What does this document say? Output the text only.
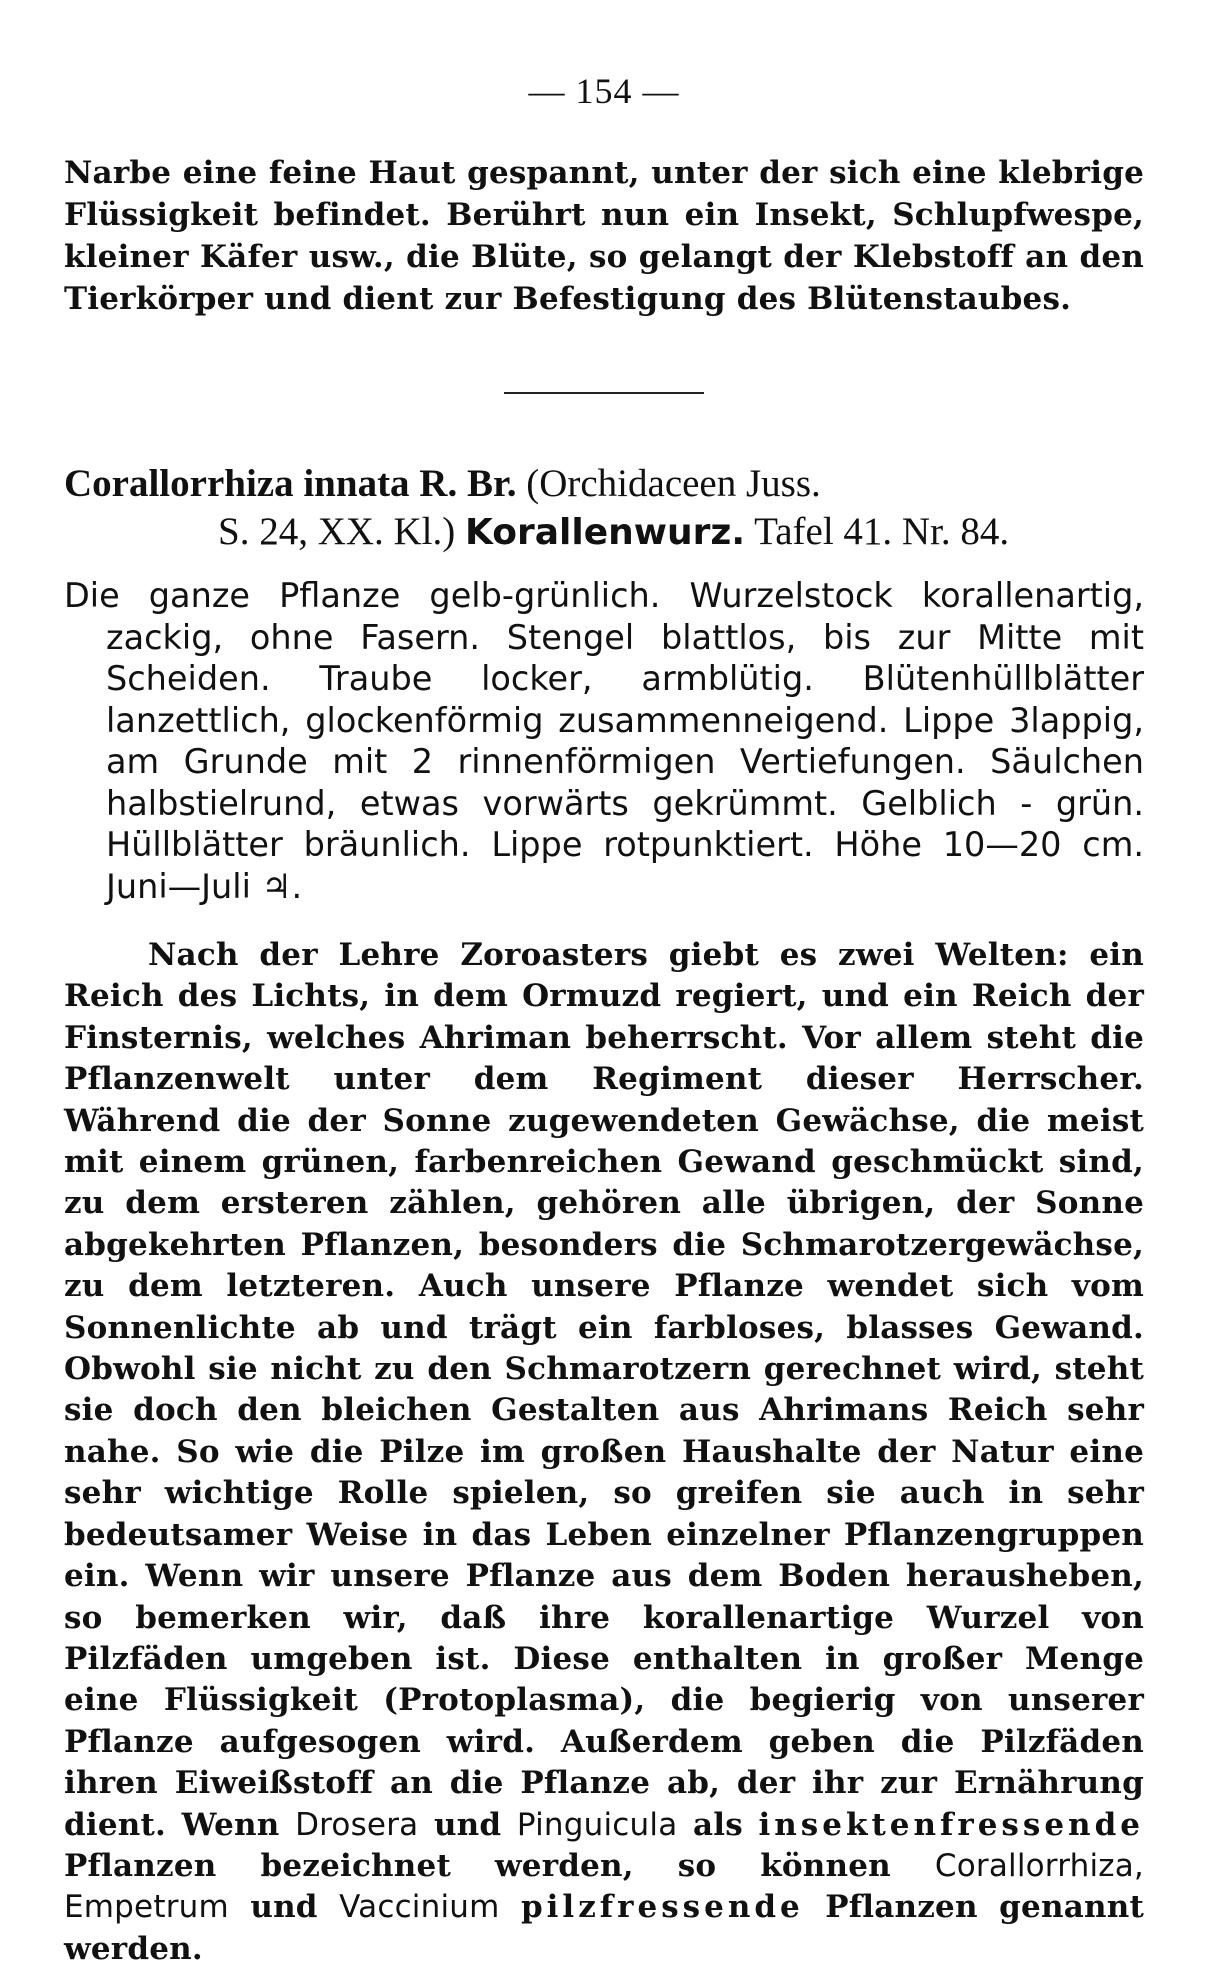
— 154 —

Narbe eine feine Haut gespannt, unter der sich eine klebrige Flüssigkeit befindet. Berührt nun ein Insekt, Schlupfwespe, kleiner Käfer usw., die Blüte, so gelangt der Klebstoff an den Tierkörper und dient zur Befestigung des Blütenstaubes.

Corallorrhiza innata R. Br. (Orchidaceen Juss.
S. 24, XX. Kl.) Korallenwurz. Tafel 41. Nr. 84.

Die ganze Pflanze gelb-grünlich. Wurzelstock korallenartig, zackig, ohne Fasern. Stengel blattlos, bis zur Mitte mit Scheiden. Traube locker, armblütig. Blütenhüllblätter lanzettlich, glockenförmig zusammenneigend. Lippe 3lappig, am Grunde mit 2 rinnenförmigen Vertiefungen. Säulchen halbstielrund, etwas vorwärts gekrümmt. Gelblich - grün. Hüllblätter bräunlich. Lippe rotpunktiert. Höhe 10—20 cm. Juni—Juli ♃.

Nach der Lehre Zoroasters giebt es zwei Welten: ein Reich des Lichts, in dem Ormuzd regiert, und ein Reich der Finsternis, welches Ahriman beherrscht. Vor allem steht die Pflanzenwelt unter dem Regiment dieser Herrscher. Während die der Sonne zugewendeten Gewächse, die meist mit einem grünen, farbenreichen Gewand geschmückt sind, zu dem ersteren zählen, gehören alle übrigen, der Sonne abgekehrten Pflanzen, besonders die Schmarotzergewächse, zu dem letzteren. Auch unsere Pflanze wendet sich vom Sonnenlichte ab und trägt ein farbloses, blasses Gewand. Obwohl sie nicht zu den Schmarotzern gerechnet wird, steht sie doch den bleichen Gestalten aus Ahrimans Reich sehr nahe. So wie die Pilze im großen Haushalte der Natur eine sehr wichtige Rolle spielen, so greifen sie auch in sehr bedeutsamer Weise in das Leben einzelner Pflanzengruppen ein. Wenn wir unsere Pflanze aus dem Boden herausheben, so bemerken wir, daß ihre korallenartige Wurzel von Pilzfäden umgeben ist. Diese enthalten in großer Menge eine Flüssigkeit (Protoplasma), die begierig von unserer Pflanze aufgesogen wird. Außerdem geben die Pilzfäden ihren Eiweißstoff an die Pflanze ab, der ihr zur Ernährung dient. Wenn Drosera und Pinguicula als insektenfressende Pflanzen bezeichnet werden, so können Corallorrhiza, Empetrum und Vaccinium pilzfressende Pflanzen genannt werden.
